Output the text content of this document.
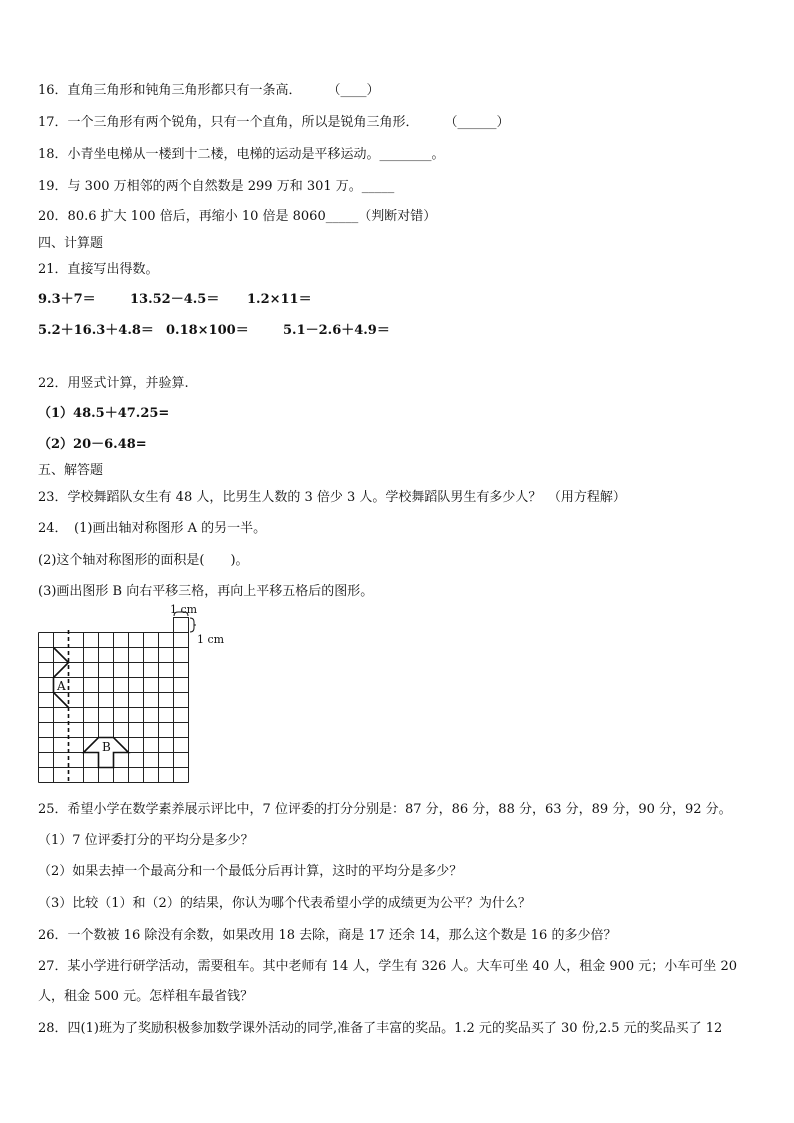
16．直角三角形和钝角三角形都只有一条高．　　　（____）
17．一个三角形有两个锐角，只有一个直角，所以是锐角三角形．　　　（______）
18．小青坐电梯从一楼到十二楼，电梯的运动是平移运动。________。
19．与 300 万相邻的两个自然数是 299 万和 301 万。_____
20．80.6 扩大 100 倍后，再缩小 10 倍是 8060_____（判断对错）
四、计算题
21．直接写出得数。
9.3＋7＝	13.52－4.5＝ 1.2×11＝
5.2＋16.3＋4.8＝ 0.18×100＝	5.1－2.6＋4.9＝
22．用竖式计算，并验算.
（1）48.5＋47.25=
（2）20－6.48=
五、解答题
23．学校舞蹈队女生有 48 人，比男生人数的 3 倍少 3 人。学校舞蹈队男生有多少人？　（用方程解）
24．　(1)画出轴对称图形 A 的另一半。
(2)这个轴对称图形的面积是(　　)。
(3)画出图形 B 向右平移三格，再向上平移五格后的图形。
1 cm
1 cm
A
B
25．希望小学在数学素养展示评比中，7 位评委的打分分别是：87 分，86 分，88 分，63 分，89 分，90 分，92 分。
（1）7 位评委打分的平均分是多少？
（2）如果去掉一个最高分和一个最低分后再计算，这时的平均分是多少？
（3）比较（1）和（2）的结果，你认为哪个代表希望小学的成绩更为公平？为什么？
26．一个数被 16 除没有余数，如果改用 18 去除，商是 17 还余 14，那么这个数是 16 的多少倍？
27．某小学进行研学活动，需要租车。其中老师有 14 人，学生有 326 人。大车可坐 40 人，租金 900 元；小车可坐 20
人，租金 500 元。怎样租车最省钱？
28．四(1)班为了奖励积极参加数学课外活动的同学,准备了丰富的奖品。1.2 元的奖品买了 30 份,2.5 元的奖品买了 12
